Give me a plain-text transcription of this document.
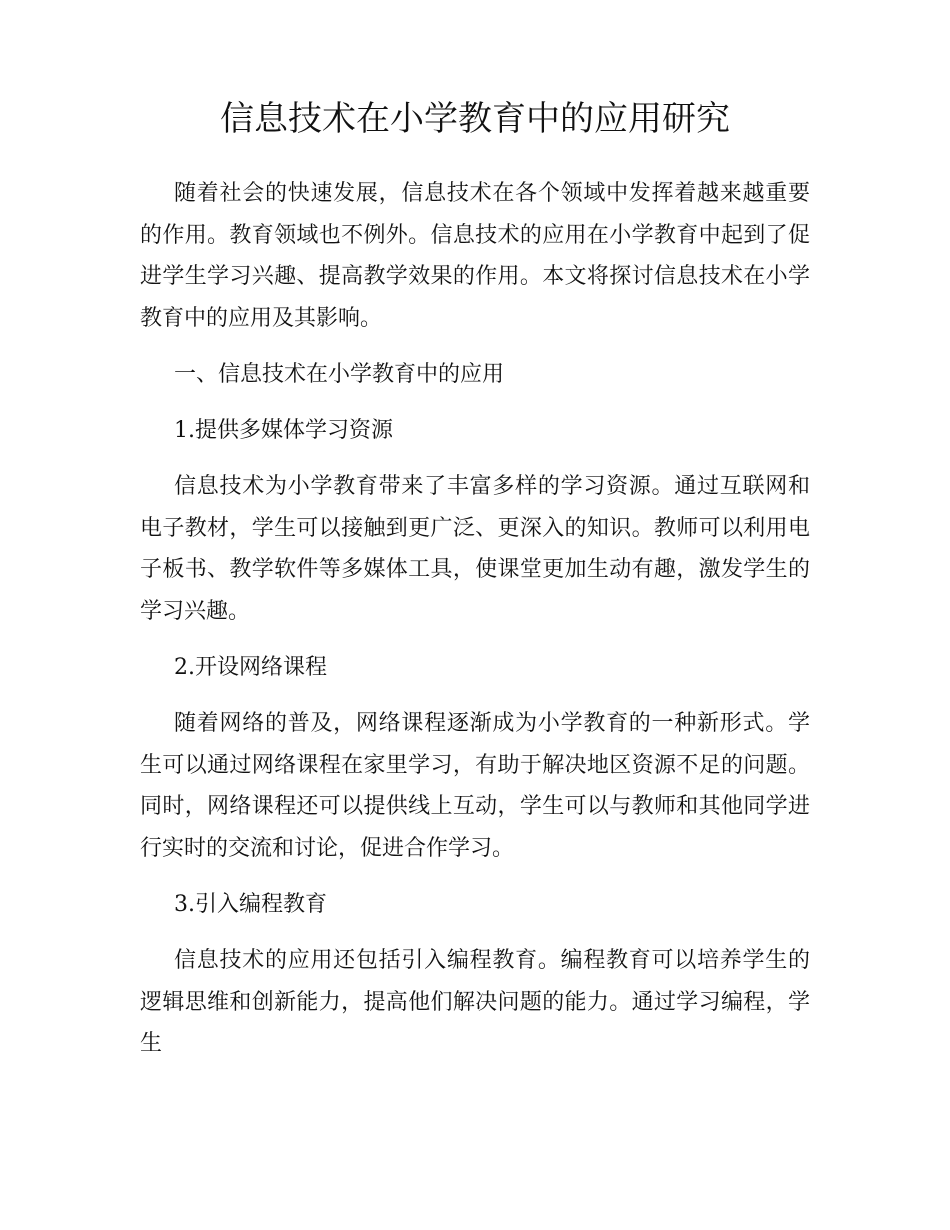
信息技术在小学教育中的应用研究

随着社会的快速发展，信息技术在各个领域中发挥着越来越重要的作用。教育领域也不例外。信息技术的应用在小学教育中起到了促进学生学习兴趣、提高教学效果的作用。本文将探讨信息技术在小学教育中的应用及其影响。

一、信息技术在小学教育中的应用

1.提供多媒体学习资源

信息技术为小学教育带来了丰富多样的学习资源。通过互联网和电子教材，学生可以接触到更广泛、更深入的知识。教师可以利用电子板书、教学软件等多媒体工具，使课堂更加生动有趣，激发学生的学习兴趣。

2.开设网络课程

随着网络的普及，网络课程逐渐成为小学教育的一种新形式。学生可以通过网络课程在家里学习，有助于解决地区资源不足的问题。同时，网络课程还可以提供线上互动，学生可以与教师和其他同学进行实时的交流和讨论，促进合作学习。

3.引入编程教育

信息技术的应用还包括引入编程教育。编程教育可以培养学生的逻辑思维和创新能力，提高他们解决问题的能力。通过学习编程，学生
